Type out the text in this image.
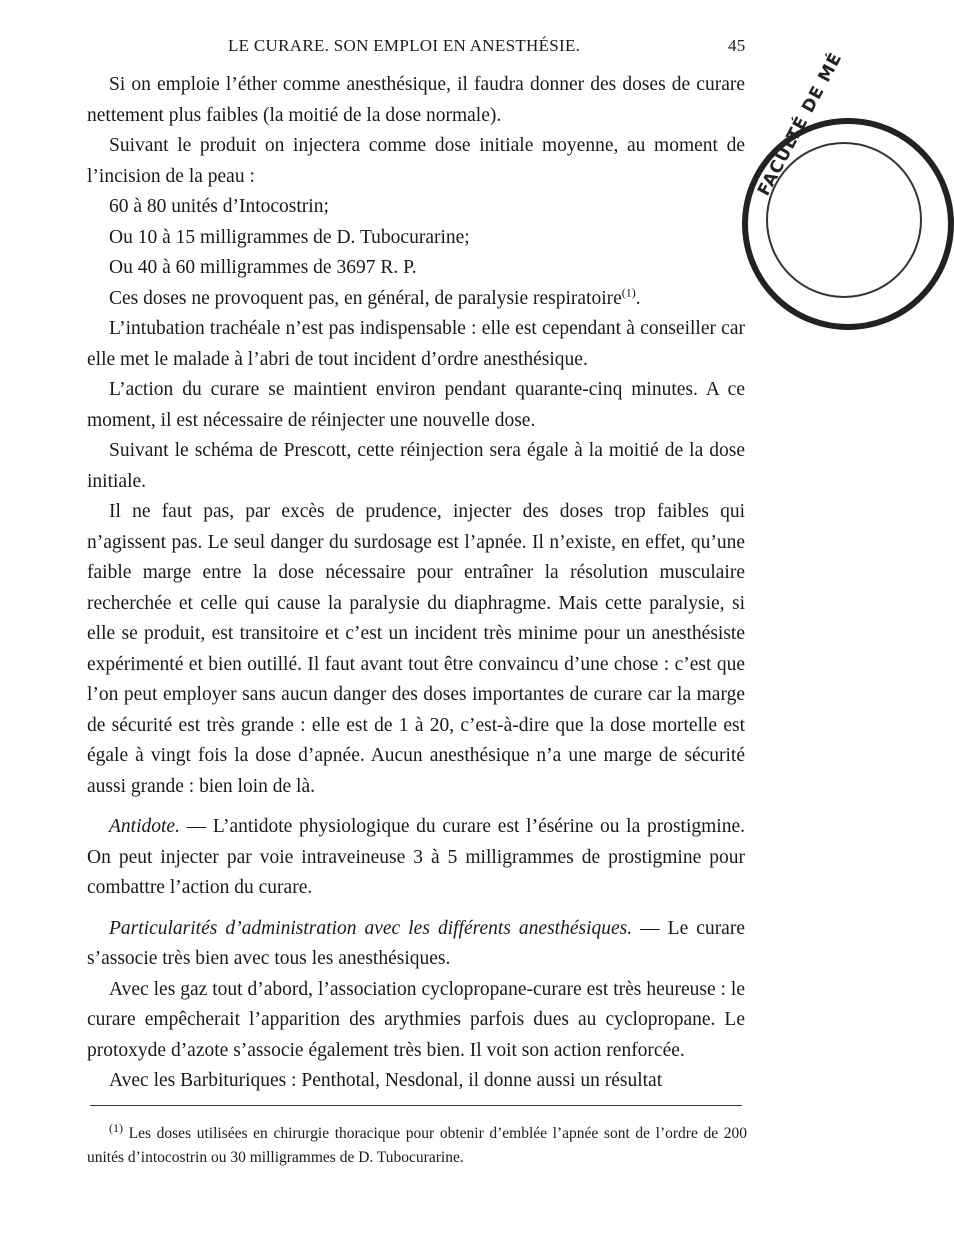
LE CURARE. SON EMPLOI EN ANESTHÉSIE.	45

Si on emploie l’éther comme anesthésique, il faudra donner des doses de curare nettement plus faibles (la moitié de la dose normale).

Suivant le produit on injectera comme dose initiale moyenne, au moment de l’incision de la peau :

60 à 80 unités d’Intocostrin;

Ou 10 à 15 milligrammes de D. Tubocurarine;

Ou 40 à 60 milligrammes de 3697 R. P.

Ces doses ne provoquent pas, en général, de paralysie respiratoire$^{(1)}$.

L’intubation trachéale n’est pas indispensable : elle est cependant à conseiller car elle met le malade à l’abri de tout incident d’ordre anesthésique.

L’action du curare se maintient environ pendant quarante-cinq minutes. A ce moment, il est nécessaire de réinjecter une nouvelle dose.

Suivant le schéma de Prescott, cette réinjection sera égale à la moitié de la dose initiale.

Il ne faut pas, par excès de prudence, injecter des doses trop faibles qui n’agissent pas. Le seul danger du surdosage est l’apnée. Il n’existe, en effet, qu’une faible marge entre la dose nécessaire pour entraîner la résolution musculaire recherchée et celle qui cause la paralysie du diaphragme. Mais cette paralysie, si elle se produit, est transitoire et c’est un incident très minime pour un anesthésiste expérimenté et bien outillé. Il faut avant tout être convaincu d’une chose : c’est que l’on peut employer sans aucun danger des doses importantes de curare car la marge de sécurité est très grande : elle est de 1 à 20, c’est-à-dire que la dose mortelle est égale à vingt fois la dose d’apnée. Aucun anesthésique n’a une marge de sécurité aussi grande : bien loin de là.

Antidote. — L’antidote physiologique du curare est l’ésérine ou la prostigmine. On peut injecter par voie intraveineuse 3 à 5 milligrammes de prostigmine pour combattre l’action du curare.

Particularités d’administration avec les différents anesthésiques. — Le curare s’associe très bien avec tous les anesthésiques.

Avec les gaz tout d’abord, l’association cyclopropane-curare est très heureuse : le curare empêcherait l’apparition des arythmies parfois dues au cyclopropane. Le protoxyde d’azote s’associe également très bien. Il voit son action renforcée.

Avec les Barbituriques : Penthotal, Nesdonal, il donne aussi un résultat

$^{(1)}$ Les doses utilisées en chirurgie thoracique pour obtenir d’emblée l’apnée sont de l’ordre de 200 unités d’intocostrin ou 30 milligrammes de D. Tubocurarine.

FACULTÉ DE MÉ
